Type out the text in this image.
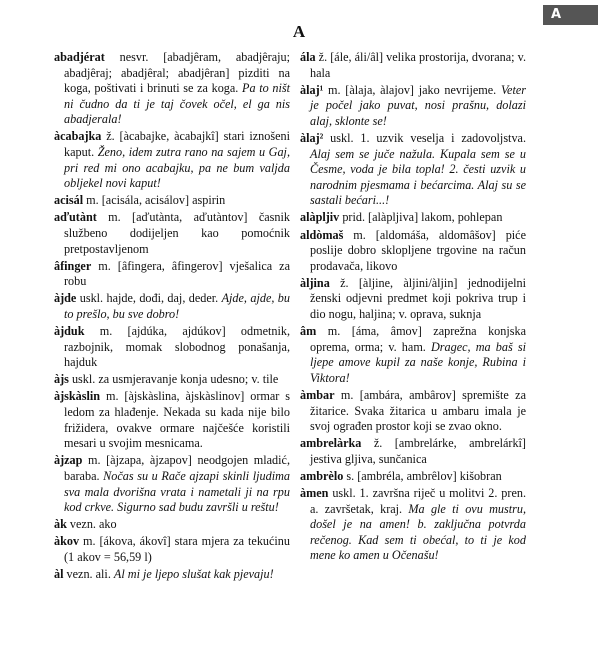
A
A

abadjérat nesvr. [abadjêram, abadjêraju; abadjêraj; abadjêral; abadjêran] pizditi na koga, poštivati i brinuti se za koga. Pa to ništ ni čudno da ti je taj čovek očel, el ga nis abadjerala!

àcabajka ž. [àcabajke, àcabajkî] stari iznošeni kaput. Ženo, idem zutra rano na sajem u Gaj, pri red mi ono acabajku, pa ne bum valjda obljekel novi kaput!

acisál m. [acisála, acisálov] aspirin

aďutànt m. [aďutànta, aďutàntov] časnik službeno dodijeljen kao pomoćnik pretpostavljenom

âfinger m. [âfingera, âfingerov] vješalica za robu

àjde uskl. hajde, dođi, daj, deder. Ajde, ajde, bu to prešlo, bu sve dobro!

àjduk m. [ajdúka, ajdúkov] odmetnik, razbojnik, momak slobodnog ponašanja, hajduk

àjs uskl. za usmjeravanje konja udesno; v. tile

àjskàslin m. [àjskàslina, àjskàslinov] ormar s ledom za hlađenje. Nekada su kada nije bilo frižidera, ovakve ormare najčešće koristili mesari u svojim mesnicama.

àjzap m. [àjzapa, àjzapov] neodgojen mladić, baraba. Nočas su u Rače ajzapi skinli ljudima sva mala dvorišna vrata i nametali ji na rpu kod crkve. Sigurno sad budu završli u reštu!

àk vezn. ako

àkov m. [ákova, ákovî] stara mjera za tekućinu (1 akov = 56,59 l)

àl vezn. ali. Al mi je ljepo slušat kak pjevaju!

ála ž. [ále, áli/âl] velika prostorija, dvorana; v. hala

àlaj¹ m. [àlaja, àlajov] jako nevrijeme. Veter je počel jako puvat, nosi prašnu, dolazi alaj, sklonte se!

àlaj² uskl. 1. uzvik veselja i zadovoljstva. Alaj sem se juče nažula. Kupala sem se u Česme, voda je bila topla! 2. česti uzvik u narodnim pjesmama i bećarcima. Alaj su se sastali bećari...!

alàpljiv prid. [alàpljiva] lakom, pohlepan

aldòmaš m. [aldomáša, aldomâšov] piće poslije dobro sklopljene trgovine na račun prodavača, likovo

àljina ž. [àljine, àljini/àljin] jednodijelni ženski odjevni predmet koji pokriva trup i dio nogu, haljina; v. oprava, suknja

âm m. [áma, âmov] zaprežna konjska oprema, orma; v. ham. Dragec, ma baš si ljepe amove kupil za naše konje, Rubina i Viktora!

àmbar m. [ambára, ambârov] spremište za žitarice. Svaka žitarica u ambaru imala je svoj ograđen prostor koji se zvao okno.

ambrelàrka ž. [ambrelárke, ambrelárkî] jestiva gljiva, sunčanica

ambrèlo s. [ambréla, ambrêlov] kišobran

àmen uskl. 1. završna riječ u molitvi 2. pren. a. završetak, kraj. Ma gle ti ovu mustru, došel je na amen! b. zaključna potvrda rečenog. Kad sem ti obećal, to ti je kod mene ko amen u Očenašu!
